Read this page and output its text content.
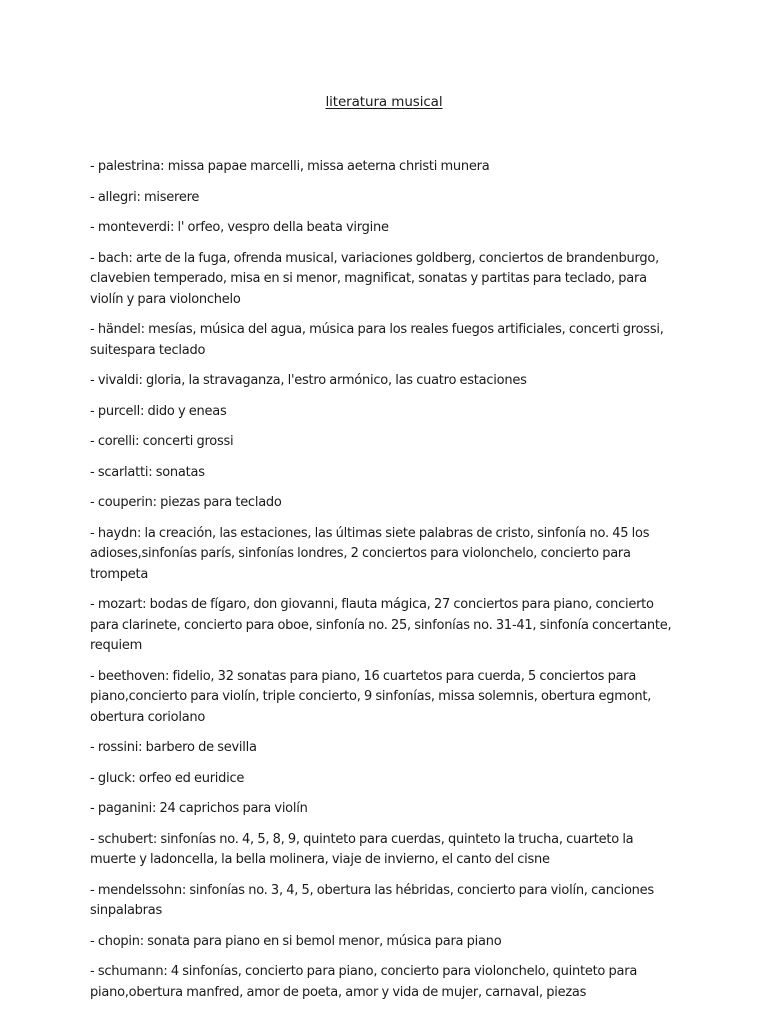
literatura musical
- palestrina: missa papae marcelli, missa aeterna christi munera
- allegri: miserere
- monteverdi: l' orfeo, vespro della beata virgine
- bach: arte de la fuga, ofrenda musical, variaciones goldberg, conciertos de brandenburgo, clavebien temperado, misa en si menor, magnificat, sonatas y partitas para teclado, para violín y para violonchelo
- händel: mesías, música del agua, música para los reales fuegos artificiales, concerti grossi, suitespara teclado
- vivaldi: gloria, la stravaganza, l'estro armónico, las cuatro estaciones
- purcell: dido y eneas
- corelli: concerti grossi
- scarlatti: sonatas
- couperin: piezas para teclado
- haydn: la creación, las estaciones, las últimas siete palabras de cristo, sinfonía no. 45 los adioses,sinfonías parís, sinfonías londres, 2 conciertos para violonchelo, concierto para trompeta
- mozart: bodas de fígaro, don giovanni, flauta mágica, 27 conciertos para piano, concierto para clarinete, concierto para oboe, sinfonía no. 25, sinfonías no. 31-41, sinfonía concertante, requiem
- beethoven: fidelio, 32 sonatas para piano, 16 cuartetos para cuerda, 5 conciertos para piano,concierto para violín, triple concierto, 9 sinfonías, missa solemnis, obertura egmont, obertura coriolano
- rossini: barbero de sevilla
- gluck: orfeo ed euridice
- paganini: 24 caprichos para violín
- schubert: sinfonías no. 4, 5, 8, 9, quinteto para cuerdas, quinteto la trucha, cuarteto la muerte y ladoncella, la bella molinera, viaje de invierno, el canto del cisne
- mendelssohn: sinfonías no. 3, 4, 5, obertura las hébridas, concierto para violín, canciones sinpalabras
- chopin: sonata para piano en si bemol menor, música para piano
- schumann: 4 sinfonías, concierto para piano, concierto para violonchelo, quinteto para piano,obertura manfred, amor de poeta, amor y vida de mujer, carnaval, piezas
